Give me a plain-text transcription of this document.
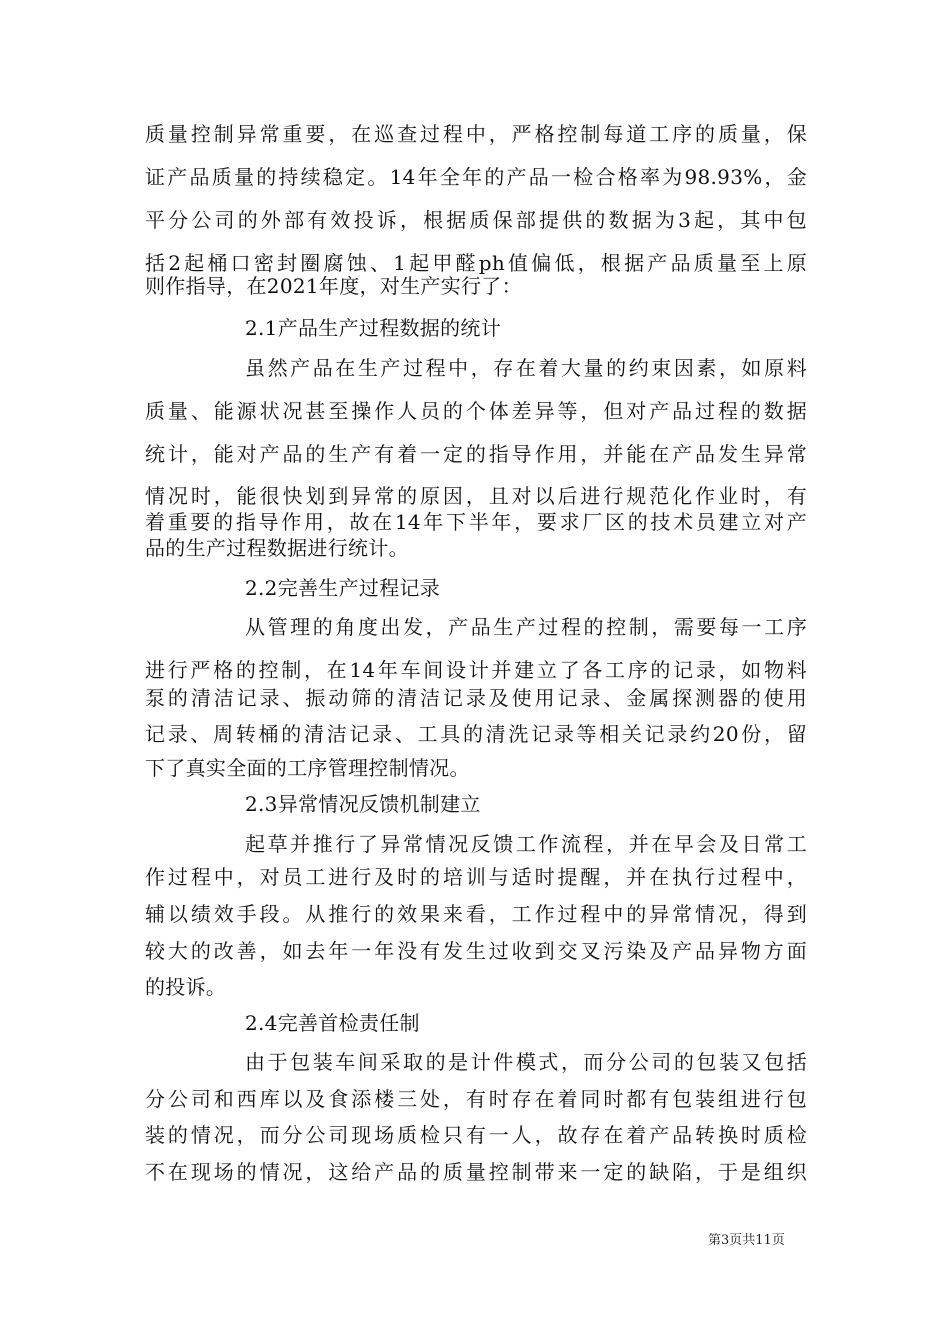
质量控制异常重要，在巡查过程中，严格控制每道工序的质量，保
证产品质量的持续稳定。14年全年的产品一检合格率为98.93%，金
平分公司的外部有效投诉，根据质保部提供的数据为3起，其中包
括2起桶口密封圈腐蚀、1起甲醛ph值偏低，根据产品质量至上原
则作指导，在2021年度，对生产实行了：
2.1产品生产过程数据的统计
虽然产品在生产过程中，存在着大量的约束因素，如原料
质量、能源状况甚至操作人员的个体差异等，但对产品过程的数据
统计，能对产品的生产有着一定的指导作用，并能在产品发生异常
情况时，能很快划到异常的原因，且对以后进行规范化作业时，有
着重要的指导作用，故在14年下半年，要求厂区的技术员建立对产
品的生产过程数据进行统计。
2.2完善生产过程记录
从管理的角度出发，产品生产过程的控制，需要每一工序
进行严格的控制，在14年车间设计并建立了各工序的记录，如物料
泵的清洁记录、振动筛的清洁记录及使用记录、金属探测器的使用
记录、周转桶的清洁记录、工具的清洗记录等相关记录约20份，留
下了真实全面的工序管理控制情况。
2.3异常情况反馈机制建立
起草并推行了异常情况反馈工作流程，并在早会及日常工
作过程中，对员工进行及时的培训与适时提醒，并在执行过程中，
辅以绩效手段。从推行的效果来看，工作过程中的异常情况，得到
较大的改善，如去年一年没有发生过收到交叉污染及产品异物方面
的投诉。
2.4完善首检责任制
由于包装车间采取的是计件模式，而分公司的包装又包括
分公司和西库以及食添楼三处，有时存在着同时都有包装组进行包
装的情况，而分公司现场质检只有一人，故存在着产品转换时质检
不在现场的情况，这给产品的质量控制带来一定的缺陷，于是组织
第3页共11页
